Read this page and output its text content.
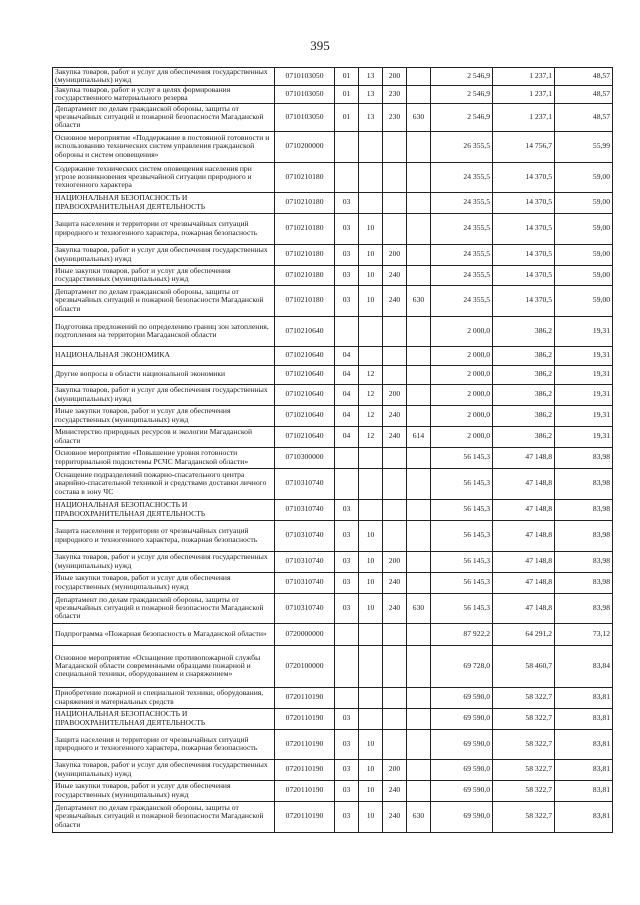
395
Закупка товаров, работ и услуг для обеспечения государственных (муниципальных) нужд	0710103050	01	13	200		2 546,9	1 237,1	48,57
Закупка товаров, работ и услуг в целях формирования государственного материального резерва	0710103050	01	13	230		2 546,9	1 237,1	48,57
Департамент по делам гражданской обороны, защиты от чрезвычайных ситуаций и пожарной безопасности Магаданской области	0710103050	01	13	230	630	2 546,9	1 237,1	48,57
Основное мероприятие «Поддержание в постоянной готовности и использованию технических систем управления гражданской обороны и систем оповещения»	0710200000					26 355,5	14 756,7	55,99
Содержание технических систем оповещения населения при угрозе возникновения чрезвычайной ситуации природного и техногенного характера	0710210180					24 355,5	14 370,5	59,00
НАЦИОНАЛЬНАЯ БЕЗОПАСНОСТЬ И ПРАВООХРАНИТЕЛЬНАЯ ДЕЯТЕЛЬНОСТЬ	0710210180	03				24 355,5	14 370,5	59,00
Защита населения и территории от чрезвычайных ситуаций природного и техногенного характера, пожарная безопасность	0710210180	03	10			24 355,5	14 370,5	59,00
Закупка товаров, работ и услуг для обеспечения государственных (муниципальных) нужд	0710210180	03	10	200		24 355,5	14 370,5	59,00
Иные закупки товаров, работ и услуг для обеспечения государственных (муниципальных) нужд	0710210180	03	10	240		24 355,5	14 370,5	59,00
Департамент по делам гражданской обороны, защиты от чрезвычайных ситуаций и пожарной безопасности Магаданской области	0710210180	03	10	240	630	24 355,5	14 370,5	59,00
Подготовка предложений по определению границ зон затопления, подтопления на территории Магаданской области	0710210640					2 000,0	386,2	19,31
НАЦИОНАЛЬНАЯ ЭКОНОМИКА	0710210640	04				2 000,0	386,2	19,31
Другие вопросы в области национальной экономики	0710210640	04	12			2 000,0	386,2	19,31
Закупка товаров, работ и услуг для обеспечения государственных (муниципальных) нужд	0710210640	04	12	200		2 000,0	386,2	19,31
Иные закупки товаров, работ и услуг для обеспечения государственных (муниципальных) нужд	0710210640	04	12	240		2 000,0	386,2	19,31
Министерство природных ресурсов и экологии Магаданской области	0710210640	04	12	240	614	2 000,0	386,2	19,31
Основное мероприятие «Повышение уровня готовности территориальной подсистемы РСЧС Магаданской области»	0710300000					56 145,3	47 148,8	83,98
Оснащение подразделений пожарно-спасательного центра аварийно-спасательной техникой и средствами доставки личного состава в зону ЧС	0710310740					56 145,3	47 148,8	83,98
НАЦИОНАЛЬНАЯ БЕЗОПАСНОСТЬ И ПРАВООХРАНИТЕЛЬНАЯ ДЕЯТЕЛЬНОСТЬ	0710310740	03				56 145,3	47 148,8	83,98
Защита населения и территории от чрезвычайных ситуаций природного и техногенного характера, пожарная безопасность	0710310740	03	10			56 145,3	47 148,8	83,98
Закупка товаров, работ и услуг для обеспечения государственных (муниципальных) нужд	0710310740	03	10	200		56 145,3	47 148,8	83,98
Иные закупки товаров, работ и услуг для обеспечения государственных (муниципальных) нужд	0710310740	03	10	240		56 145,3	47 148,8	83,98
Департамент по делам гражданской обороны, защиты от чрезвычайных ситуаций и пожарной безопасности Магаданской области	0710310740	03	10	240	630	56 145,3	47 148,8	83,98
Подпрограмма «Пожарная безопасность в Магаданской области»	0720000000					87 922,2	64 291,2	73,12
Основное мероприятие «Оснащение противопожарной службы Магаданской области современными образцами пожарной и специальной техники, оборудованием и снаряжением»	0720100000					69 728,0	58 460,7	83,84
Приобретение пожарной и специальной техники, оборудования, снаряжения и материальных средств	0720110190					69 590,0	58 322,7	83,81
НАЦИОНАЛЬНАЯ БЕЗОПАСНОСТЬ И ПРАВООХРАНИТЕЛЬНАЯ ДЕЯТЕЛЬНОСТЬ	0720110190	03				69 590,0	58 322,7	83,81
Защита населения и территории от чрезвычайных ситуаций природного и техногенного характера, пожарная безопасность	0720110190	03	10			69 590,0	58 322,7	83,81
Закупка товаров, работ и услуг для обеспечения государственных (муниципальных) нужд	0720110190	03	10	200		69 590,0	58 322,7	83,81
Иные закупки товаров, работ и услуг для обеспечения государственных (муниципальных) нужд	0720110190	03	10	240		69 590,0	58 322,7	83,81
Департамент по делам гражданской обороны, защиты от чрезвычайных ситуаций и пожарной безопасности Магаданской области	0720110190	03	10	240	630	69 590,0	58 322,7	83,81
